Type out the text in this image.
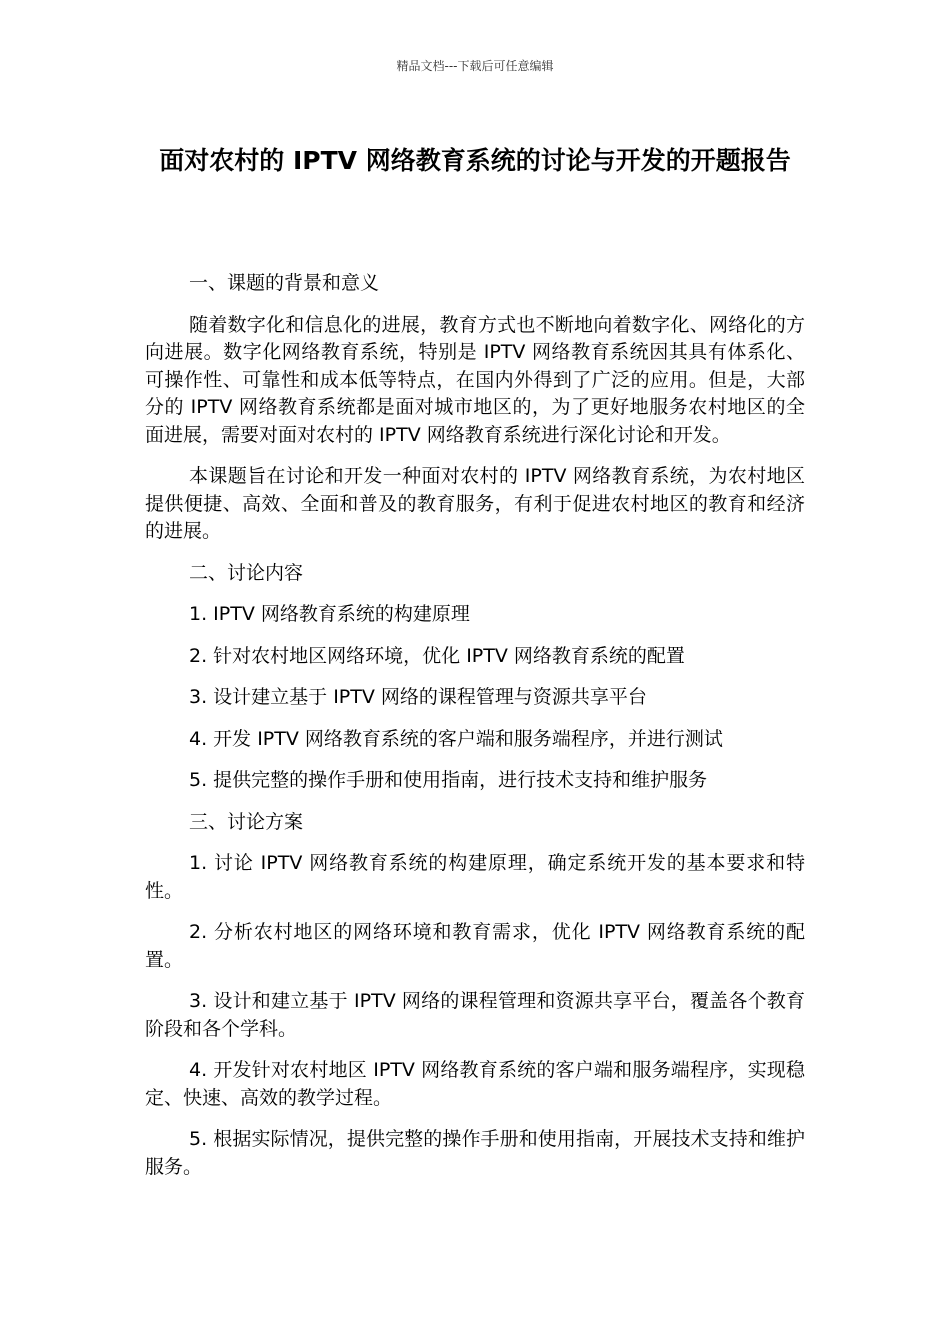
精品文档---下载后可任意编辑
面对农村的 IPTV 网络教育系统的讨论与开发的开题报告

一、课题的背景和意义

随着数字化和信息化的进展，教育方式也不断地向着数字化、网络化的方向进展。数字化网络教育系统，特别是 IPTV 网络教育系统因其具有体系化、可操作性、可靠性和成本低等特点，在国内外得到了广泛的应用。但是，大部分的 IPTV 网络教育系统都是面对城市地区的，为了更好地服务农村地区的全面进展，需要对面对农村的 IPTV 网络教育系统进行深化讨论和开发。

本课题旨在讨论和开发一种面对农村的 IPTV 网络教育系统，为农村地区提供便捷、高效、全面和普及的教育服务，有利于促进农村地区的教育和经济的进展。

二、讨论内容

1. IPTV 网络教育系统的构建原理

2. 针对农村地区网络环境，优化 IPTV 网络教育系统的配置

3. 设计建立基于 IPTV 网络的课程管理与资源共享平台

4. 开发 IPTV 网络教育系统的客户端和服务端程序，并进行测试

5. 提供完整的操作手册和使用指南，进行技术支持和维护服务

三、讨论方案

1. 讨论 IPTV 网络教育系统的构建原理，确定系统开发的基本要求和特性。

2. 分析农村地区的网络环境和教育需求，优化 IPTV 网络教育系统的配置。

3. 设计和建立基于 IPTV 网络的课程管理和资源共享平台，覆盖各个教育阶段和各个学科。

4. 开发针对农村地区 IPTV 网络教育系统的客户端和服务端程序，实现稳定、快速、高效的教学过程。

5. 根据实际情况，提供完整的操作手册和使用指南，开展技术支持和维护服务。
